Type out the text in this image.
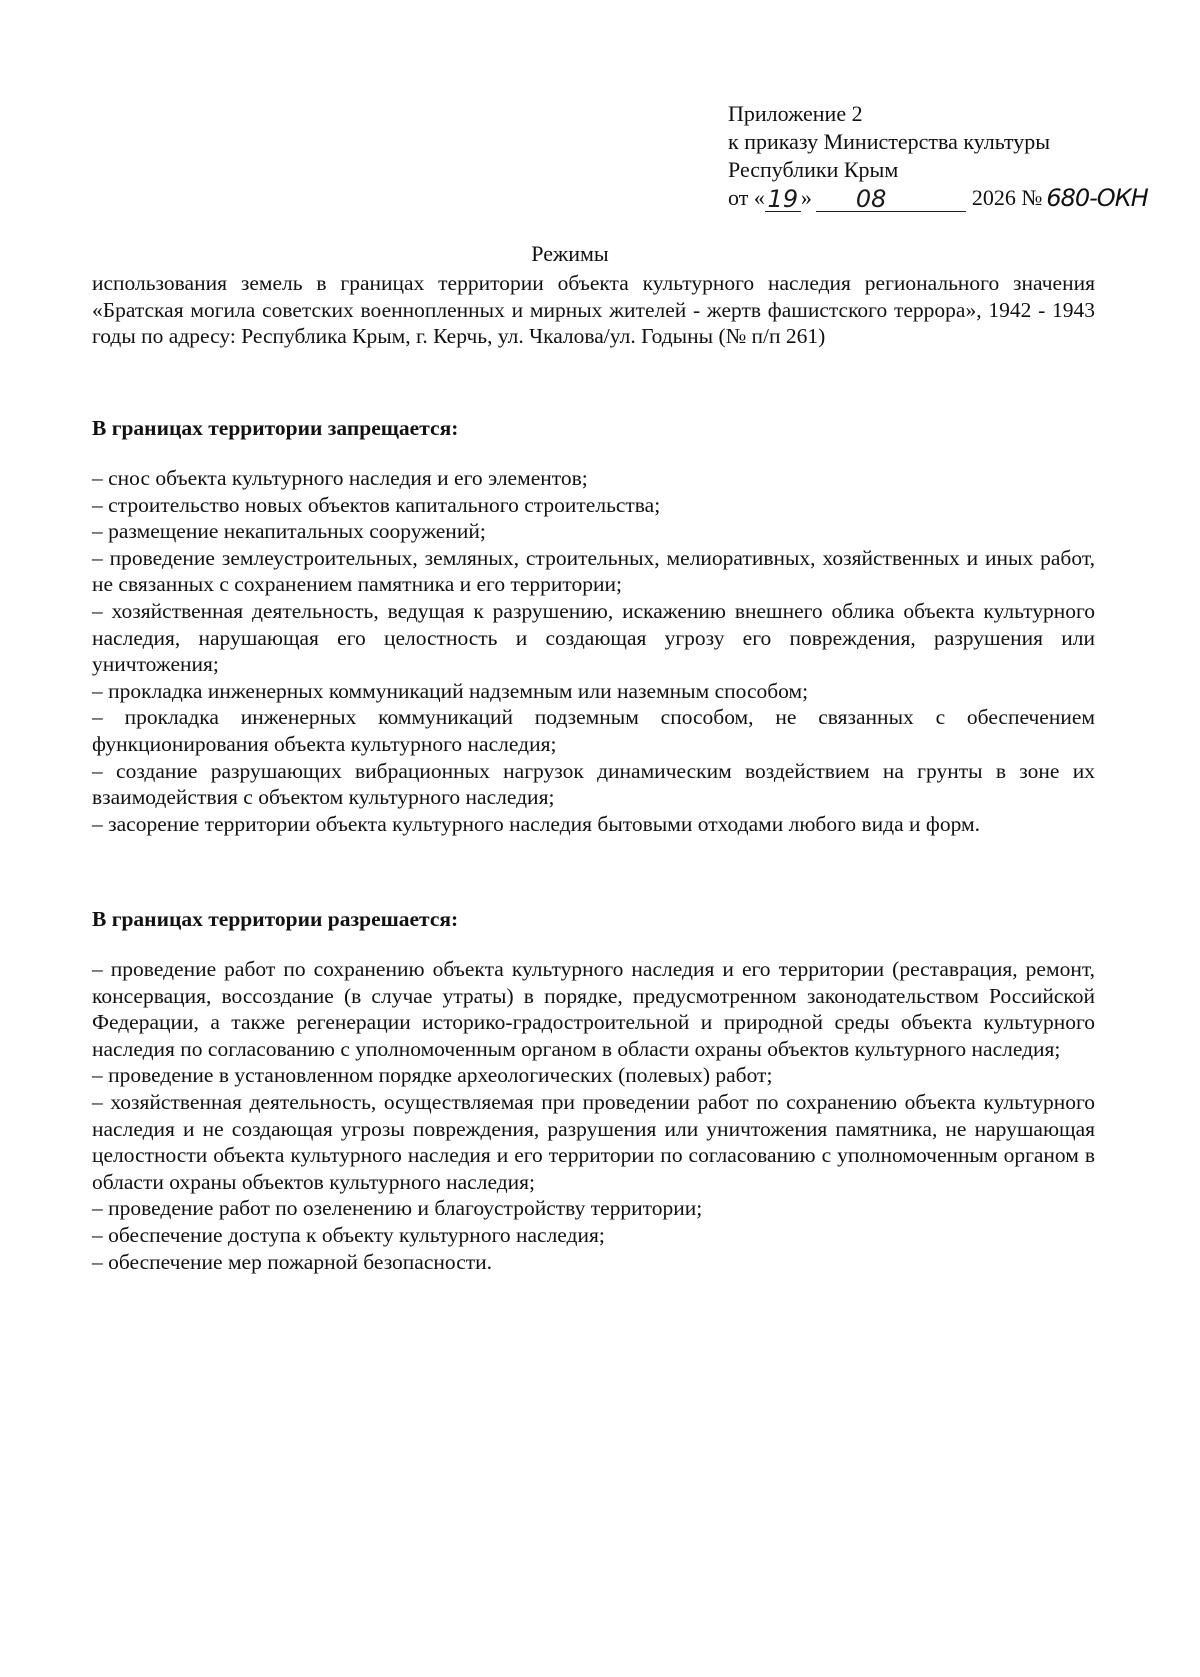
Приложение 2
к приказу Министерства культуры
Республики Крым
от « 19 »	08	2026 № 680-ОКН
Режимы

использования земель в границах территории объекта культурного наследия регионального значения «Братская могила советских военнопленных и мирных жителей - жертв фашистского террора», 1942 - 1943 годы по адресу: Республика Крым, г. Керчь, ул. Чкалова/ул. Годыны (№ п/п 261)

В границах территории запрещается:
– снос объекта культурного наследия и его элементов;
– строительство новых объектов капитального строительства;
– размещение некапитальных сооружений;
– проведение землеустроительных, земляных, строительных, мелиоративных, хозяйственных и иных работ, не связанных с сохранением памятника и его территории;
– хозяйственная деятельность, ведущая к разрушению, искажению внешнего облика объекта культурного наследия, нарушающая его целостность и создающая угрозу его повреждения, разрушения или уничтожения;
– прокладка инженерных коммуникаций надземным или наземным способом;
– прокладка инженерных коммуникаций подземным способом, не связанных с обеспечением функционирования объекта культурного наследия;
– создание разрушающих вибрационных нагрузок динамическим воздействием на грунты в зоне их взаимодействия с объектом культурного наследия;
– засорение территории объекта культурного наследия бытовыми отходами любого вида и форм.
В границах территории разрешается:
– проведение работ по сохранению объекта культурного наследия и его территории (реставрация, ремонт, консервация, воссоздание (в случае утраты) в порядке, предусмотренном законодательством Российской Федерации, а также регенерации историко-градостроительной и природной среды объекта культурного наследия по согласованию с уполномоченным органом в области охраны объектов культурного наследия;
– проведение в установленном порядке археологических (полевых) работ;
– хозяйственная деятельность, осуществляемая при проведении работ по сохранению объекта культурного наследия и не создающая угрозы повреждения, разрушения или уничтожения памятника, не нарушающая целостности объекта культурного наследия и его территории по согласованию с уполномоченным органом в области охраны объектов культурного наследия;
– проведение работ по озеленению и благоустройству территории;
– обеспечение доступа к объекту культурного наследия;
– обеспечение мер пожарной безопасности.
